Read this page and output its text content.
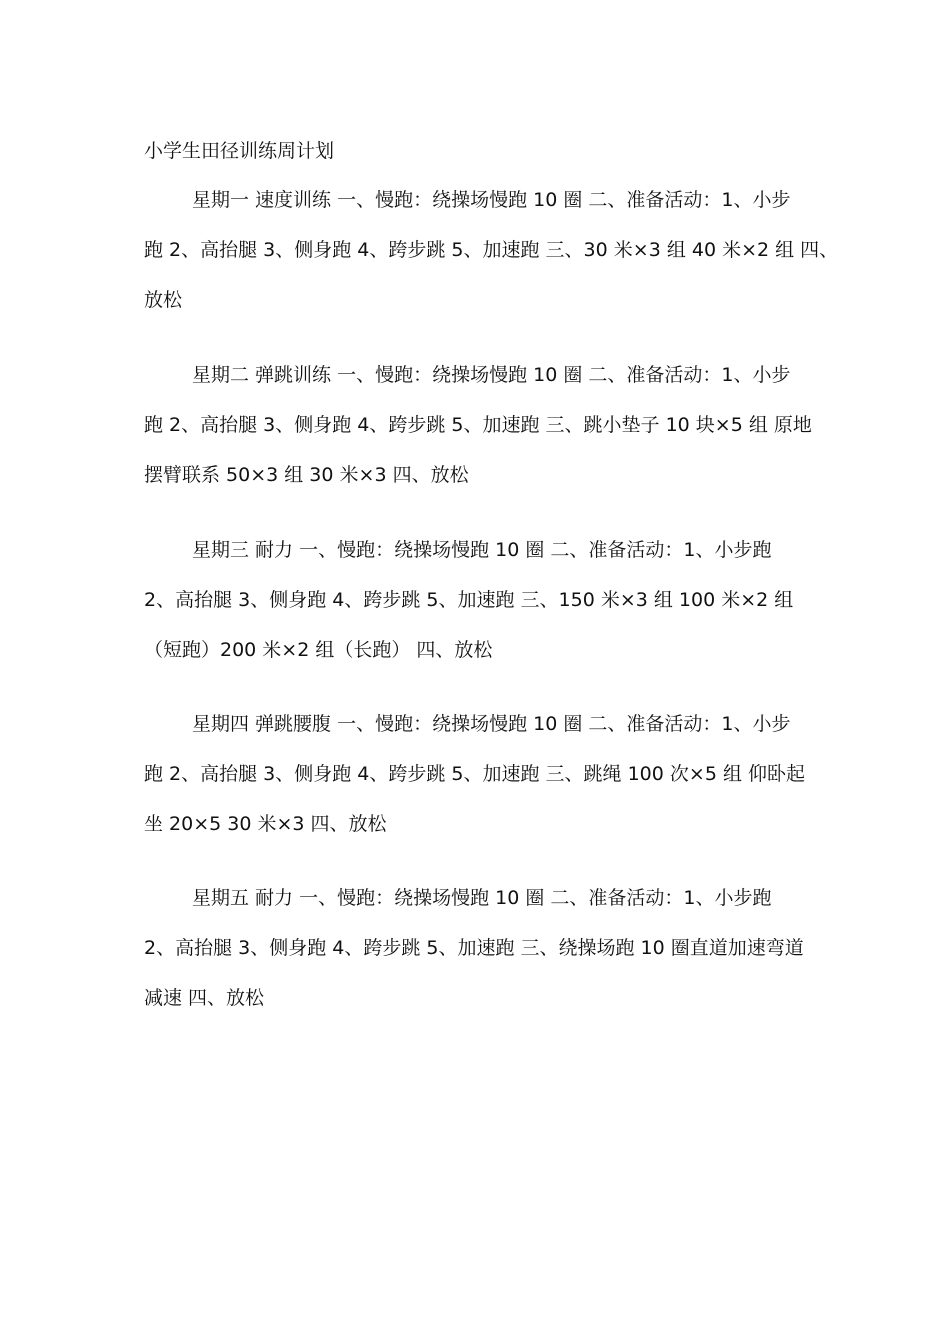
小学生田径训练周计划
星期一 速度训练 一、慢跑：绕操场慢跑 10 圈 二、准备活动：1、小步
跑 2、高抬腿 3、侧身跑 4、跨步跳 5、加速跑 三、30 米×3 组 40 米×2 组 四、
放松
星期二 弹跳训练 一、慢跑：绕操场慢跑 10 圈 二、准备活动：1、小步
跑 2、高抬腿 3、侧身跑 4、跨步跳 5、加速跑 三、跳小垫子 10 块×5 组 原地
摆臂联系 50×3 组 30 米×3 四、放松
星期三 耐力 一、慢跑：绕操场慢跑 10 圈 二、准备活动：1、小步跑
2、高抬腿 3、侧身跑 4、跨步跳 5、加速跑 三、150 米×3 组 100 米×2 组
（短跑）200 米×2 组（长跑） 四、放松
星期四 弹跳腰腹 一、慢跑：绕操场慢跑 10 圈 二、准备活动：1、小步
跑 2、高抬腿 3、侧身跑 4、跨步跳 5、加速跑 三、跳绳 100 次×5 组 仰卧起
坐 20×5 30 米×3 四、放松
星期五 耐力 一、慢跑：绕操场慢跑 10 圈 二、准备活动：1、小步跑
2、高抬腿 3、侧身跑 4、跨步跳 5、加速跑 三、绕操场跑 10 圈直道加速弯道
减速 四、放松
